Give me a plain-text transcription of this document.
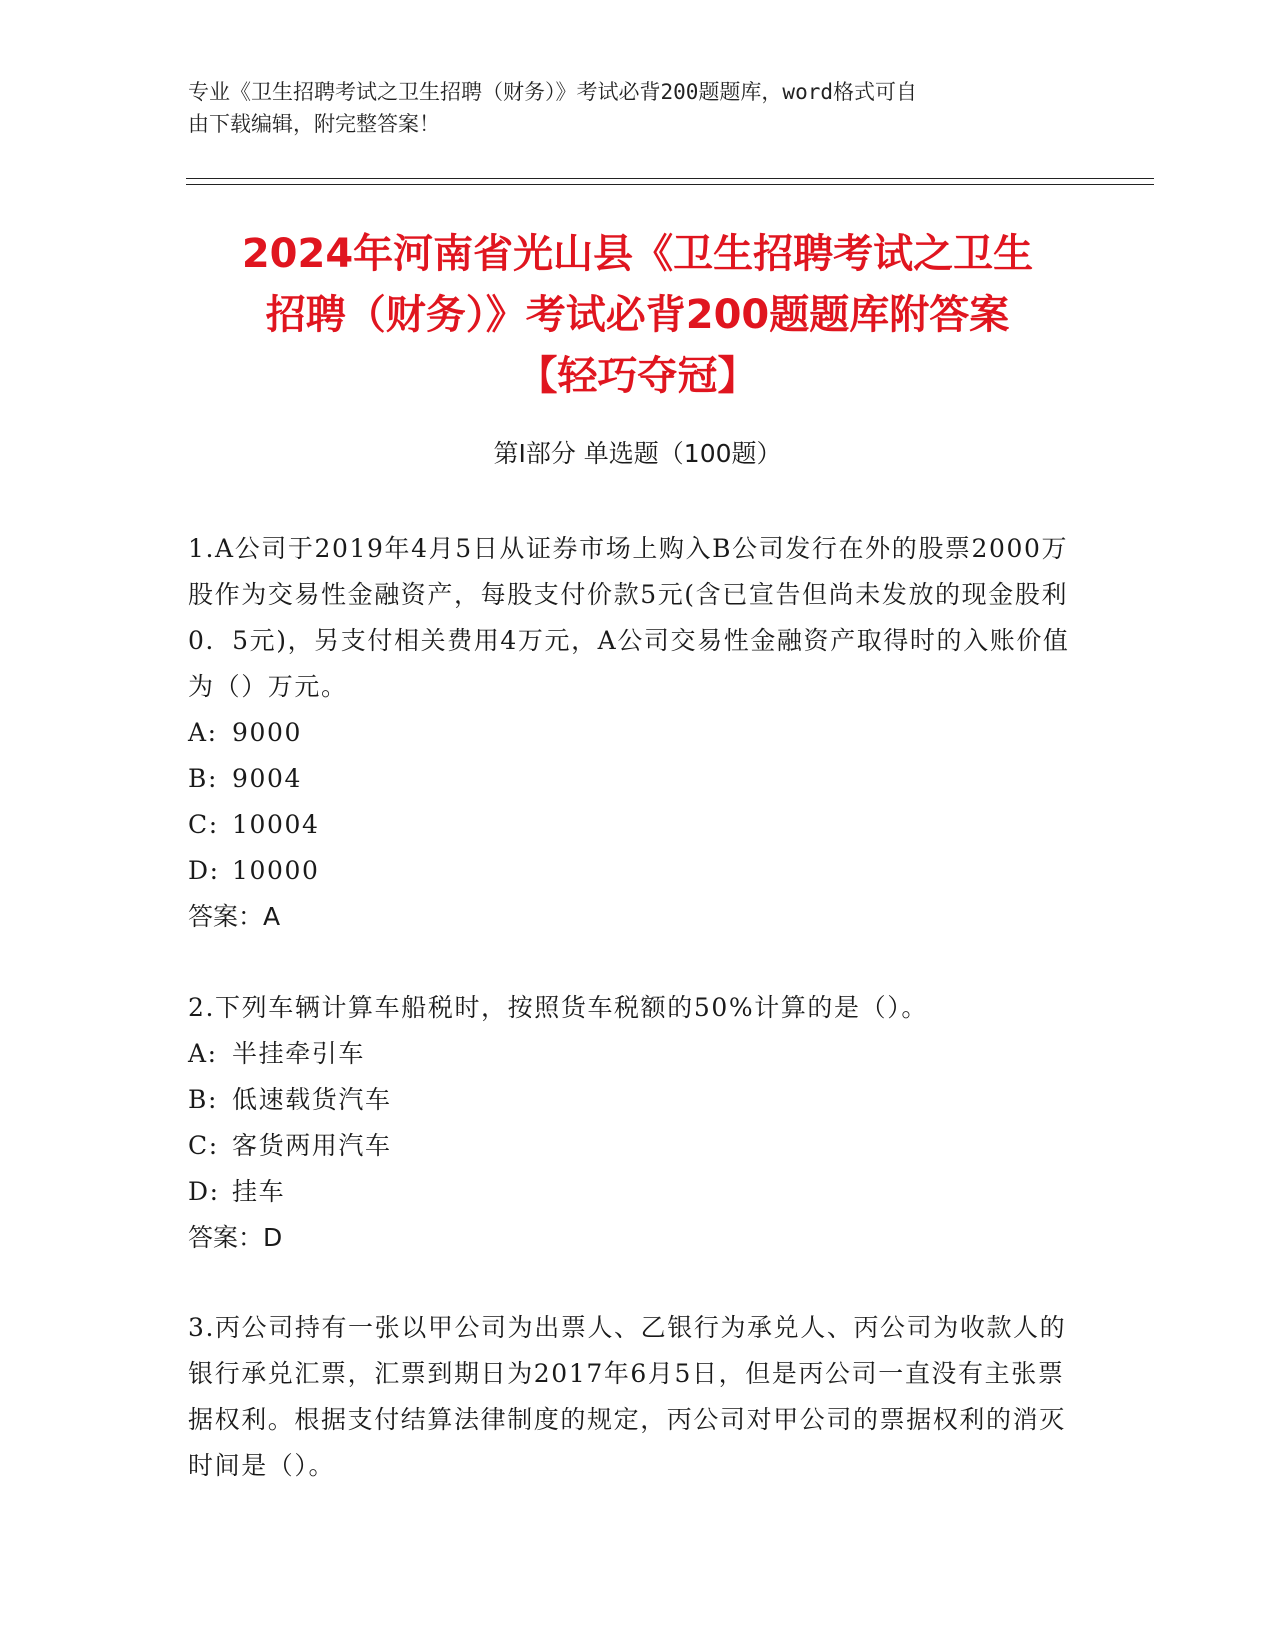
专业《卫生招聘考试之卫生招聘（财务）》考试必背200题题库，word格式可自
由下载编辑，附完整答案！
2024年河南省光山县《卫生招聘考试之卫生
招聘（财务）》考试必背200题题库附答案
【轻巧夺冠】
第I部分 单选题（100题）
1.A公司于2019年4月5日从证券市场上购入B公司发行在外的股票2000万股作为交易性金融资产，每股支付价款5元(含已宣告但尚未发放的现金股利0．5元)，另支付相关费用4万元，A公司交易性金融资产取得时的入账价值为（）万元。
A: 9000
B: 9004
C: 10004
D: 10000
答案：A
2.下列车辆计算车船税时，按照货车税额的50%计算的是（）。
A: 半挂牵引车
B: 低速载货汽车
C: 客货两用汽车
D: 挂车
答案：D
3.丙公司持有一张以甲公司为出票人、乙银行为承兑人、丙公司为收款人的银行承兑汇票，汇票到期日为2017年6月5日，但是丙公司一直没有主张票据权利。根据支付结算法律制度的规定，丙公司对甲公司的票据权利的消灭时间是（）。
